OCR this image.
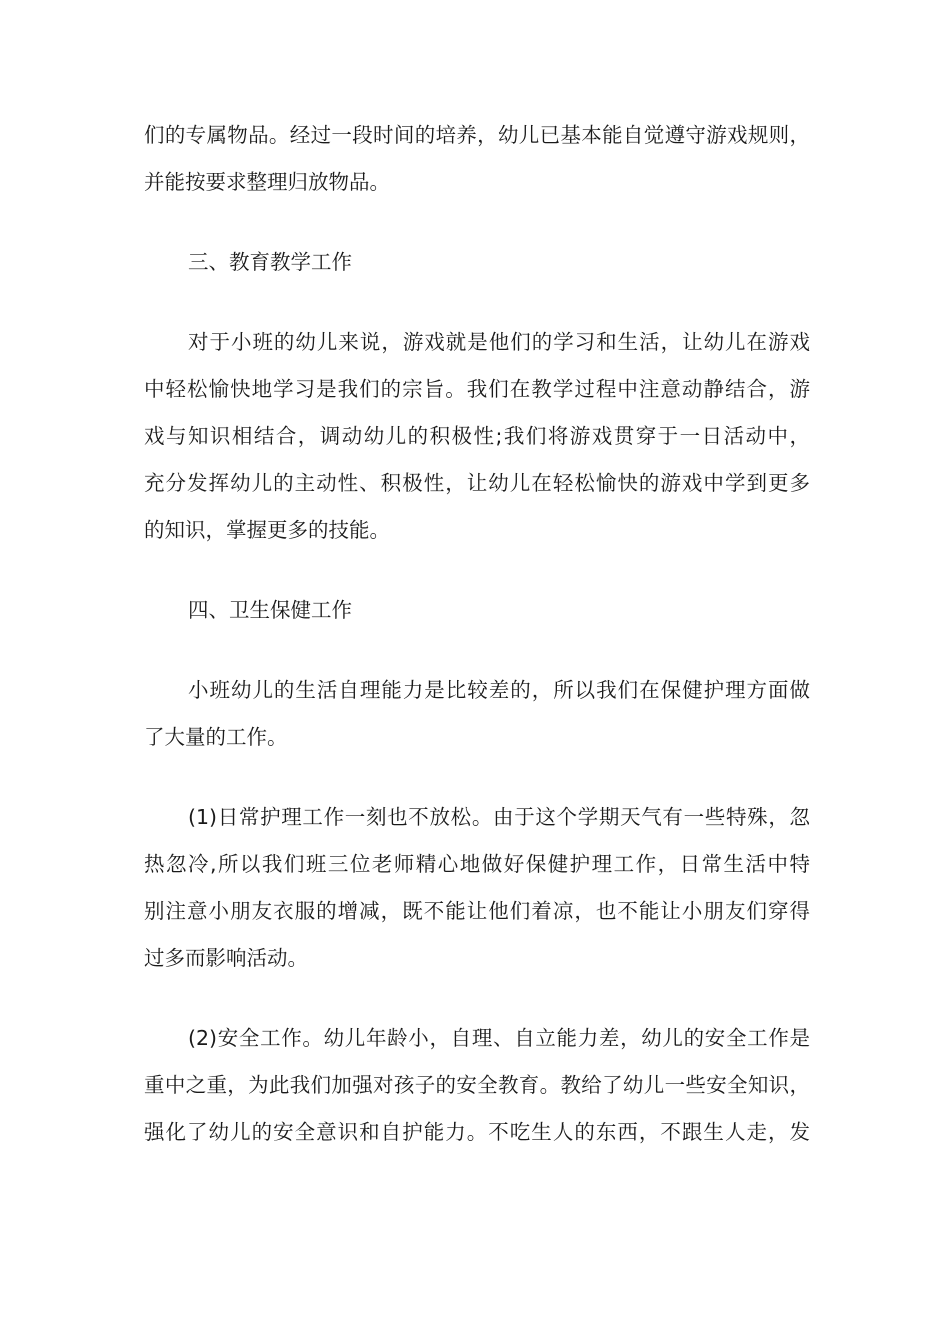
们的专属物品。经过一段时间的培养，幼儿已基本能自觉遵守游戏规则，
并能按要求整理归放物品。
三、教育教学工作
对于小班的幼儿来说，游戏就是他们的学习和生活，让幼儿在游戏
中轻松愉快地学习是我们的宗旨。我们在教学过程中注意动静结合，游
戏与知识相结合，调动幼儿的积极性;我们将游戏贯穿于一日活动中，
充分发挥幼儿的主动性、积极性，让幼儿在轻松愉快的游戏中学到更多
的知识，掌握更多的技能。
四、卫生保健工作
小班幼儿的生活自理能力是比较差的，所以我们在保健护理方面做
了大量的工作。
(1)日常护理工作一刻也不放松。由于这个学期天气有一些特殊，忽
热忽冷,所以我们班三位老师精心地做好保健护理工作，日常生活中特
别注意小朋友衣服的增减，既不能让他们着凉，也不能让小朋友们穿得
过多而影响活动。
(2)安全工作。幼儿年龄小，自理、自立能力差，幼儿的安全工作是
重中之重，为此我们加强对孩子的安全教育。教给了幼儿一些安全知识，
强化了幼儿的安全意识和自护能力。不吃生人的东西，不跟生人走，发
